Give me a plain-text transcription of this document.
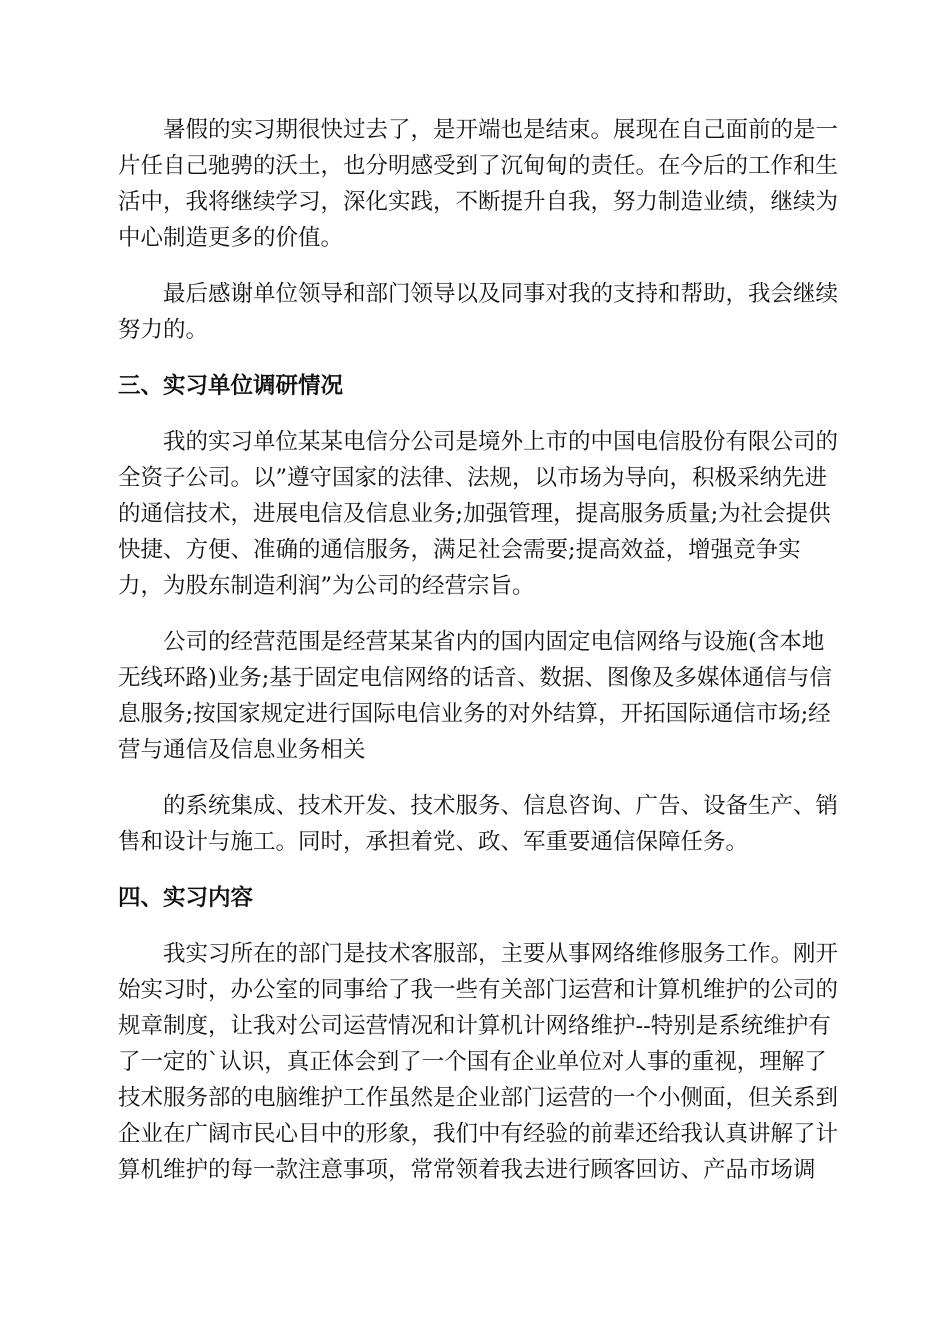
暑假的实习期很快过去了，是开端也是结束。展现在自己面前的是一
片任自己驰骋的沃土，也分明感受到了沉甸甸的责任。在今后的工作和生
活中，我将继续学习，深化实践，不断提升自我，努力制造业绩，继续为
中心制造更多的价值。

最后感谢单位领导和部门领导以及同事对我的支持和帮助，我会继续
努力的。

三、实习单位调研情况

我的实习单位某某电信分公司是境外上市的中国电信股份有限公司的
全资子公司。以”遵守国家的法律、法规，以市场为导向，积极采纳先进
的通信技术，进展电信及信息业务;加强管理，提高服务质量;为社会提供
快捷、方便、准确的通信服务，满足社会需要;提高效益，增强竞争实
力，为股东制造利润”为公司的经营宗旨。

公司的经营范围是经营某某省内的国内固定电信网络与设施(含本地
无线环路)业务;基于固定电信网络的话音、数据、图像及多媒体通信与信
息服务;按国家规定进行国际电信业务的对外结算，开拓国际通信市场;经
营与通信及信息业务相关

的系统集成、技术开发、技术服务、信息咨询、广告、设备生产、销
售和设计与施工。同时，承担着党、政、军重要通信保障任务。

四、实习内容

我实习所在的部门是技术客服部，主要从事网络维修服务工作。刚开
始实习时，办公室的同事给了我一些有关部门运营和计算机维护的公司的
规章制度，让我对公司运营情况和计算机计网络维护--特别是系统维护有
了一定的`认识，真正体会到了一个国有企业单位对人事的重视，理解了
技术服务部的电脑维护工作虽然是企业部门运营的一个小侧面，但关系到
企业在广阔市民心目中的形象，我们中有经验的前辈还给我认真讲解了计
算机维护的每一款注意事项，常常领着我去进行顾客回访、产品市场调
